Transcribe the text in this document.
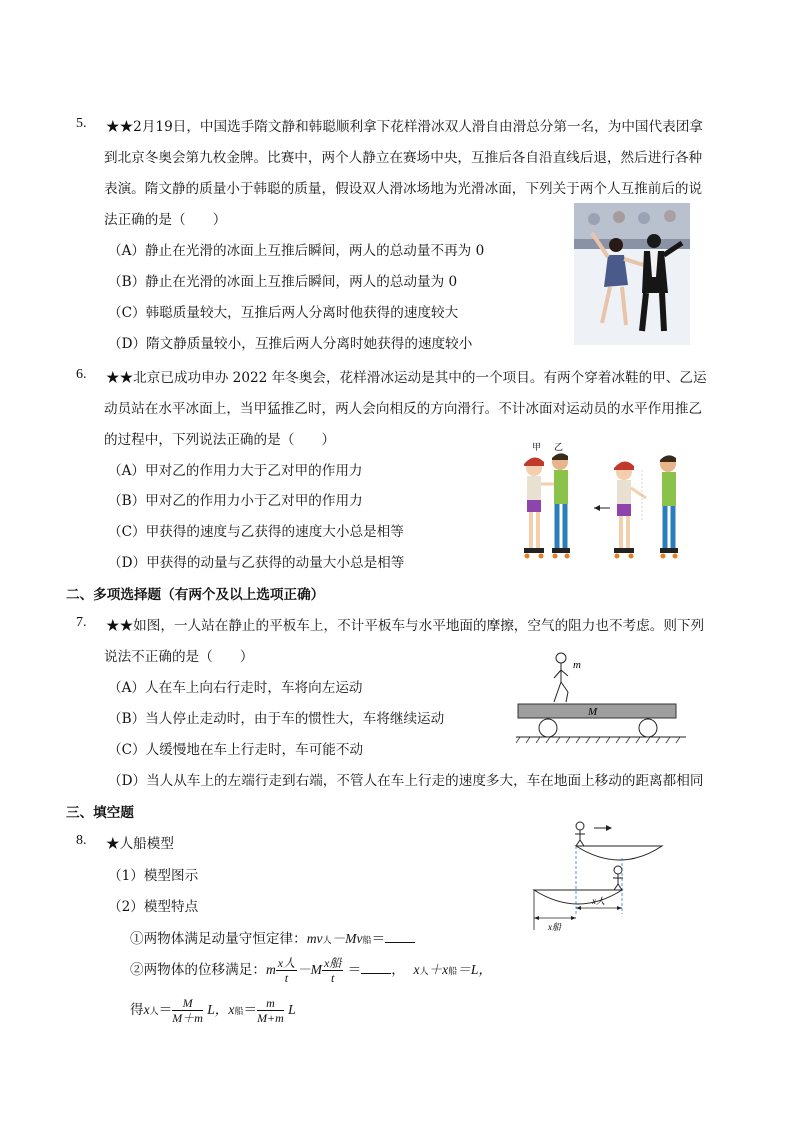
5. ★★2月19日，中国选手隋文静和韩聪顺利拿下花样滑冰双人滑自由滑总分第一名，为中国代表团拿
到北京冬奥会第九枚金牌。比赛中，两个人静立在赛场中央，互推后各自沿直线后退，然后进行各种
表演。隋文静的质量小于韩聪的质量，假设双人滑冰场地为光滑冰面，下列关于两个人互推前后的说
法正确的是（　　）
（A）静止在光滑的冰面上互推后瞬间，两人的总动量不再为 0
（B）静止在光滑的冰面上互推后瞬间，两人的总动量为 0
（C）韩聪质量较大，互推后两人分离时他获得的速度较大
（D）隋文静质量较小，互推后两人分离时她获得的速度较小
6. ★★北京已成功申办 2022 年冬奥会，花样滑冰运动是其中的一个项目。有两个穿着冰鞋的甲、乙运
动员站在水平冰面上，当甲猛推乙时，两人会向相反的方向滑行。不计冰面对运动员的水平作用推乙
的过程中，下列说法正确的是（　　）
（A）甲对乙的作用力大于乙对甲的作用力
（B）甲对乙的作用力小于乙对甲的作用力
（C）甲获得的速度与乙获得的速度大小总是相等
（D）甲获得的动量与乙获得的动量大小总是相等
甲 乙
二、多项选择题（有两个及以上选项正确）
7. ★★如图，一人站在静止的平板车上，不计平板车与水平地面的摩擦，空气的阻力也不考虑。则下列
说法不正确的是（　　）
（A）人在车上向右行走时，车将向左运动
（B）当人停止走动时，由于车的惯性大，车将继续运动
（C）人缓慢地在车上行走时，车可能不动
（D）当人从车上的左端行走到右端，不管人在车上行走的速度多大，车在地面上移动的距离都相同
m
M
三、填空题
8. ★人船模型
（1）模型图示
（2）模型特点
①两物体满足动量守恒定律：mv人－Mv船＝
②两物体的位移满足：m $\frac{\text{x人}}{t} -M \frac{\text{x船}}{t}$ ＝ ， x人＋x船＝L，
得x人＝ $\frac{M}{M+m}$ L，x船＝ $\frac{m}{M+m}$ L
x船
x人
